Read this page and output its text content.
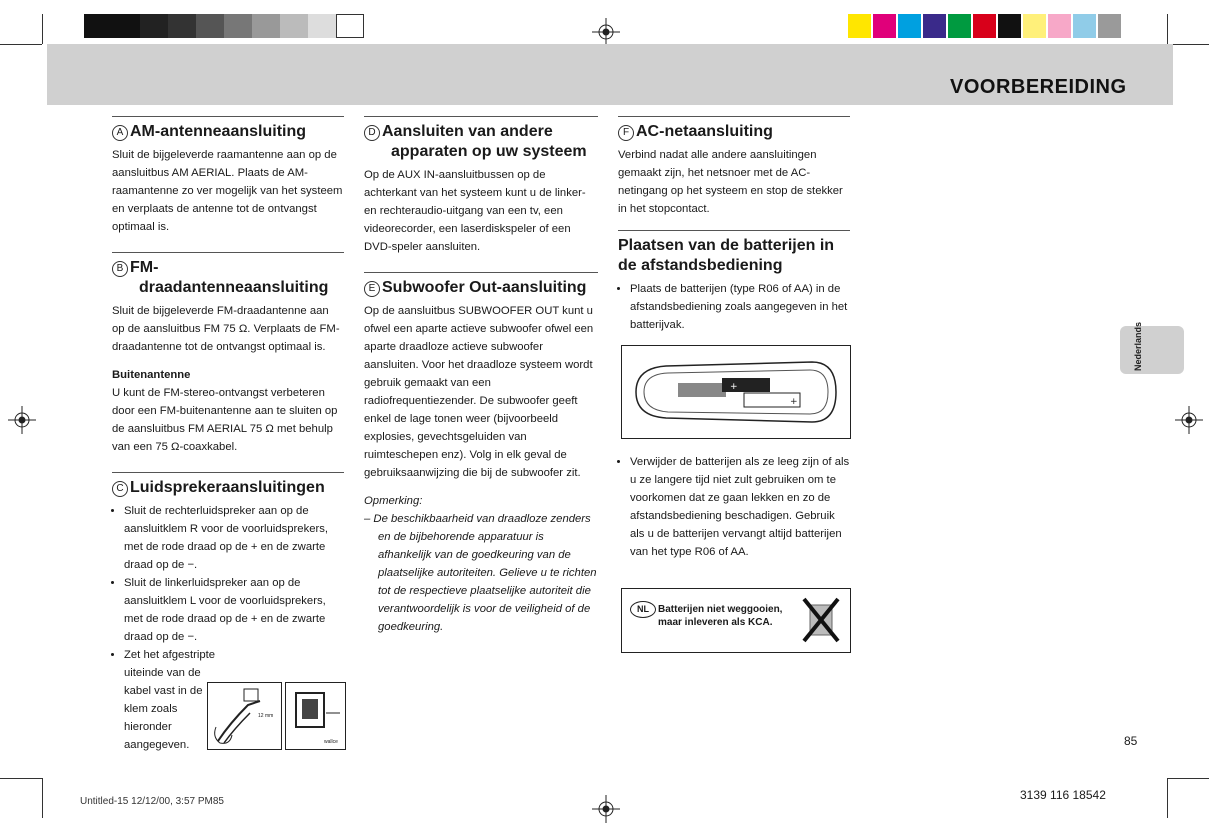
VOORBEREIDING
Nederlands
A AM-antenneaansluiting

Sluit de bijgeleverde raamantenne aan op de aansluitbus AM AERIAL. Plaats de AM-raamantenne zo ver mogelijk van het systeem en verplaats de antenne tot de ontvangst optimaal is.

B FM-
draadantenneaansluiting

Sluit de bijgeleverde FM-draadantenne aan op de aansluitbus FM 75 Ω. Verplaats de FM-draadantenne tot de ontvangst optimaal is.

Buitenantenne

U kunt de FM-stereo-ontvangst verbeteren door een FM-buitenantenne aan te sluiten op de aansluitbus FM AERIAL 75 Ω met behulp van een 75 Ω-coaxkabel.

C Luidsprekeraansluitingen
• Sluit de rechterluidspreker aan op de aansluitklem R voor de voorluidsprekers, met de rode draad op de + en de zwarte draad op de −.
• Sluit de linkerluidspreker aan op de aansluitklem L voor de voorluidsprekers, met de rode draad op de + en de zwarte draad op de −.
• Zet het afgestripte uiteinde van de kabel vast in de klem zoals hieronder aangegeven.
12 mm
wallce
D Aansluiten van andere
apparaten op uw systeem

Op de AUX IN-aansluitbussen op de achterkant van het systeem kunt u de linker- en rechteraudio-uitgang van een tv, een videorecorder, een laserdiskspeler of een DVD-speler aansluiten.

E Subwoofer Out-aansluiting

Op de aansluitbus SUBWOOFER OUT kunt u ofwel een aparte actieve subwoofer ofwel een aparte draadloze actieve subwoofer aansluiten. Voor het draadloze systeem wordt gebruik gemaakt van een radiofrequentiezender. De subwoofer geeft enkel de lage tonen weer (bijvoorbeeld explosies, gevechtsgeluiden van ruimteschepen enz). Volg in elk geval de gebruiksaanwijzing die bij de subwoofer zit.

Opmerking:

– De beschikbaarheid van draadloze zenders en de bijbehorende apparatuur is afhankelijk van de goedkeuring van de plaatselijke autoriteiten. Gelieve u te richten tot de respectieve plaatselijke autoriteit die verantwoordelijk is voor de veiligheid of de goedkeuring.

F AC-netaansluiting

Verbind nadat alle andere aansluitingen gemaakt zijn, het netsnoer met de AC-netingang op het systeem en stop de stekker in het stopcontact.

Plaatsen van de batterijen in
de afstandsbediening
• Plaats de batterijen (type R06 of AA) in de afstandsbediening zoals aangegeven in het batterijvak.
+
+
• Verwijder de batterijen als ze leeg zijn of als u ze langere tijd niet zult gebruiken om te voorkomen dat ze gaan lekken en zo de afstandsbediening beschadigen. Gebruik als u de batterijen vervangt altijd batterijen van het type R06 of AA.
NL Batterijen niet weggooien,
maar inleveren als KCA.
85
Untitled-15 12/12/00, 3:57 PM85	3139 116 18542
